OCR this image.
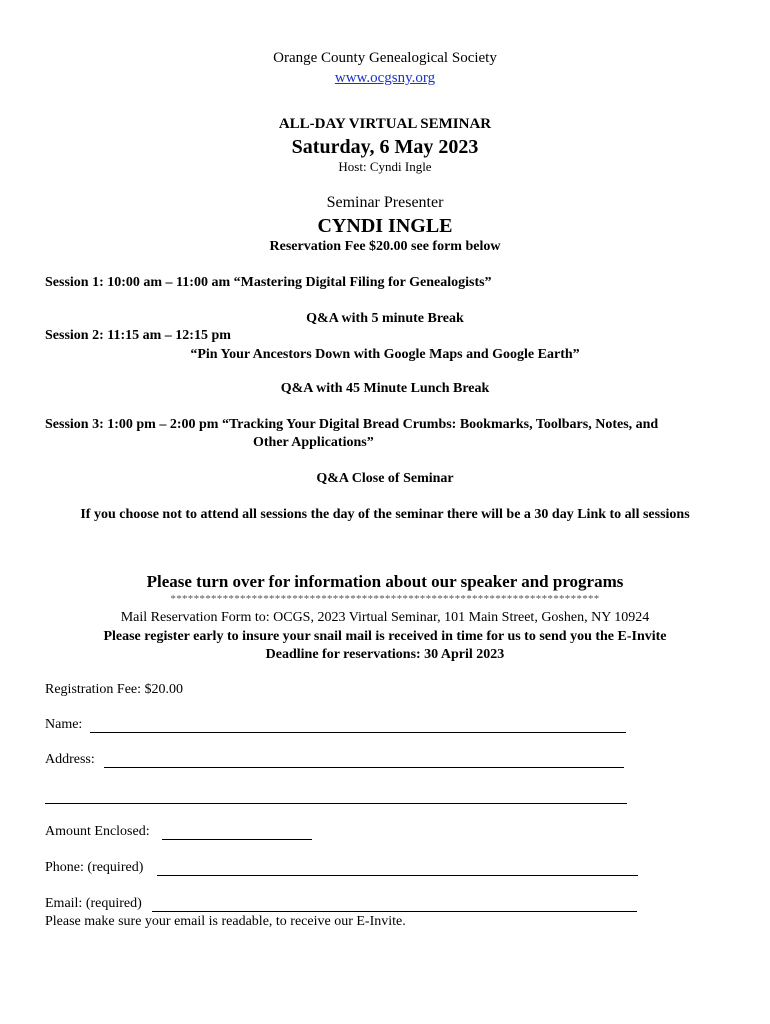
Orange County Genealogical Society
www.ocgsny.org
ALL-DAY VIRTUAL SEMINAR
Saturday, 6 May 2023
Host: Cyndi Ingle
Seminar Presenter
CYNDI INGLE
Reservation Fee $20.00 see form below
Session 1: 10:00 am – 11:00 am “Mastering Digital Filing for Genealogists”
Q&A with 5 minute Break
Session 2: 11:15 am – 12:15 pm
“Pin Your Ancestors Down with Google Maps and Google Earth”
Q&A with 45 Minute Lunch Break
Session 3: 1:00 pm – 2:00 pm “Tracking Your Digital Bread Crumbs: Bookmarks, Toolbars, Notes, and
Other Applications”
Q&A Close of Seminar
If you choose not to attend all sessions the day of the seminar there will be a 30 day Link to all sessions
Please turn over for information about our speaker and programs
**************************************************************************
Mail Reservation Form to: OCGS, 2023 Virtual Seminar, 101 Main Street, Goshen, NY 10924
Please register early to insure your snail mail is received in time for us to send you the E-Invite
Deadline for reservations: 30 April 2023
Registration Fee: $20.00
Name:
Address:
Amount Enclosed:
Phone: (required)
Email: (required)
Please make sure your email is readable, to receive our E-Invite.
